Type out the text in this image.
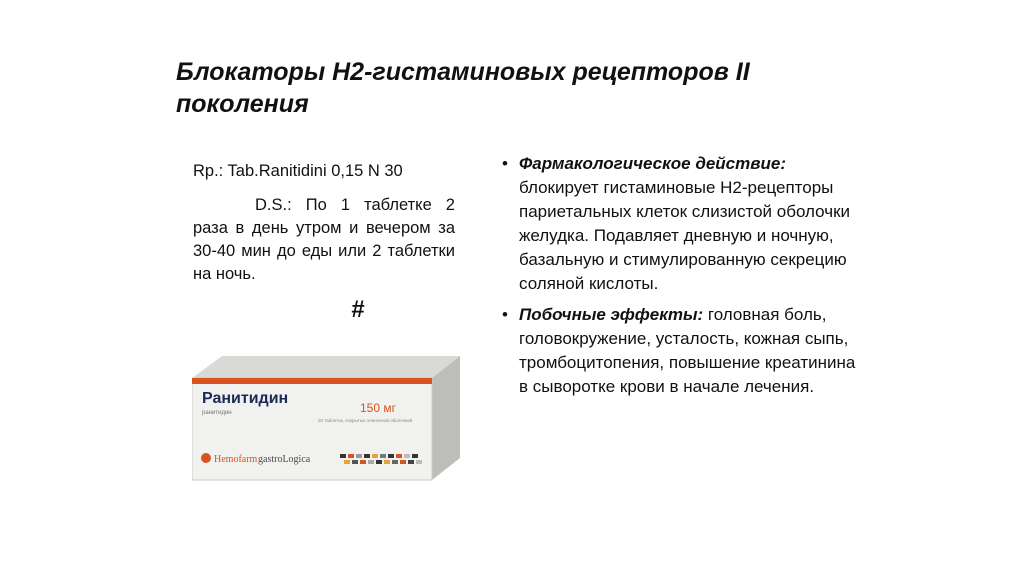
Блокаторы Н2-гистаминовых рецепторов II поколения
Rp.: Tab.Ranitidini 0,15 N 30
D.S.: По 1 таблетке 2 раза в день утром и вечером за 30-40 мин до еды или 2 таблетки на ночь.
#
Ранитидин
ранитидин	150 мг
20 таблеток, покрытых пленочной оболочкой
Hemofarm gastroLogica
• Фармакологическое действие:
блокирует гистаминовые Н2-рецепторы париетальных клеток слизистой оболочки желудка. Подавляет дневную и ночную, базальную и стимулированную секрецию соляной кислоты.
• Побочные эффекты: головная боль, головокружение, усталость, кожная сыпь, тромбоцитопения, повышение креатинина в сыворотке крови в начале лечения.
